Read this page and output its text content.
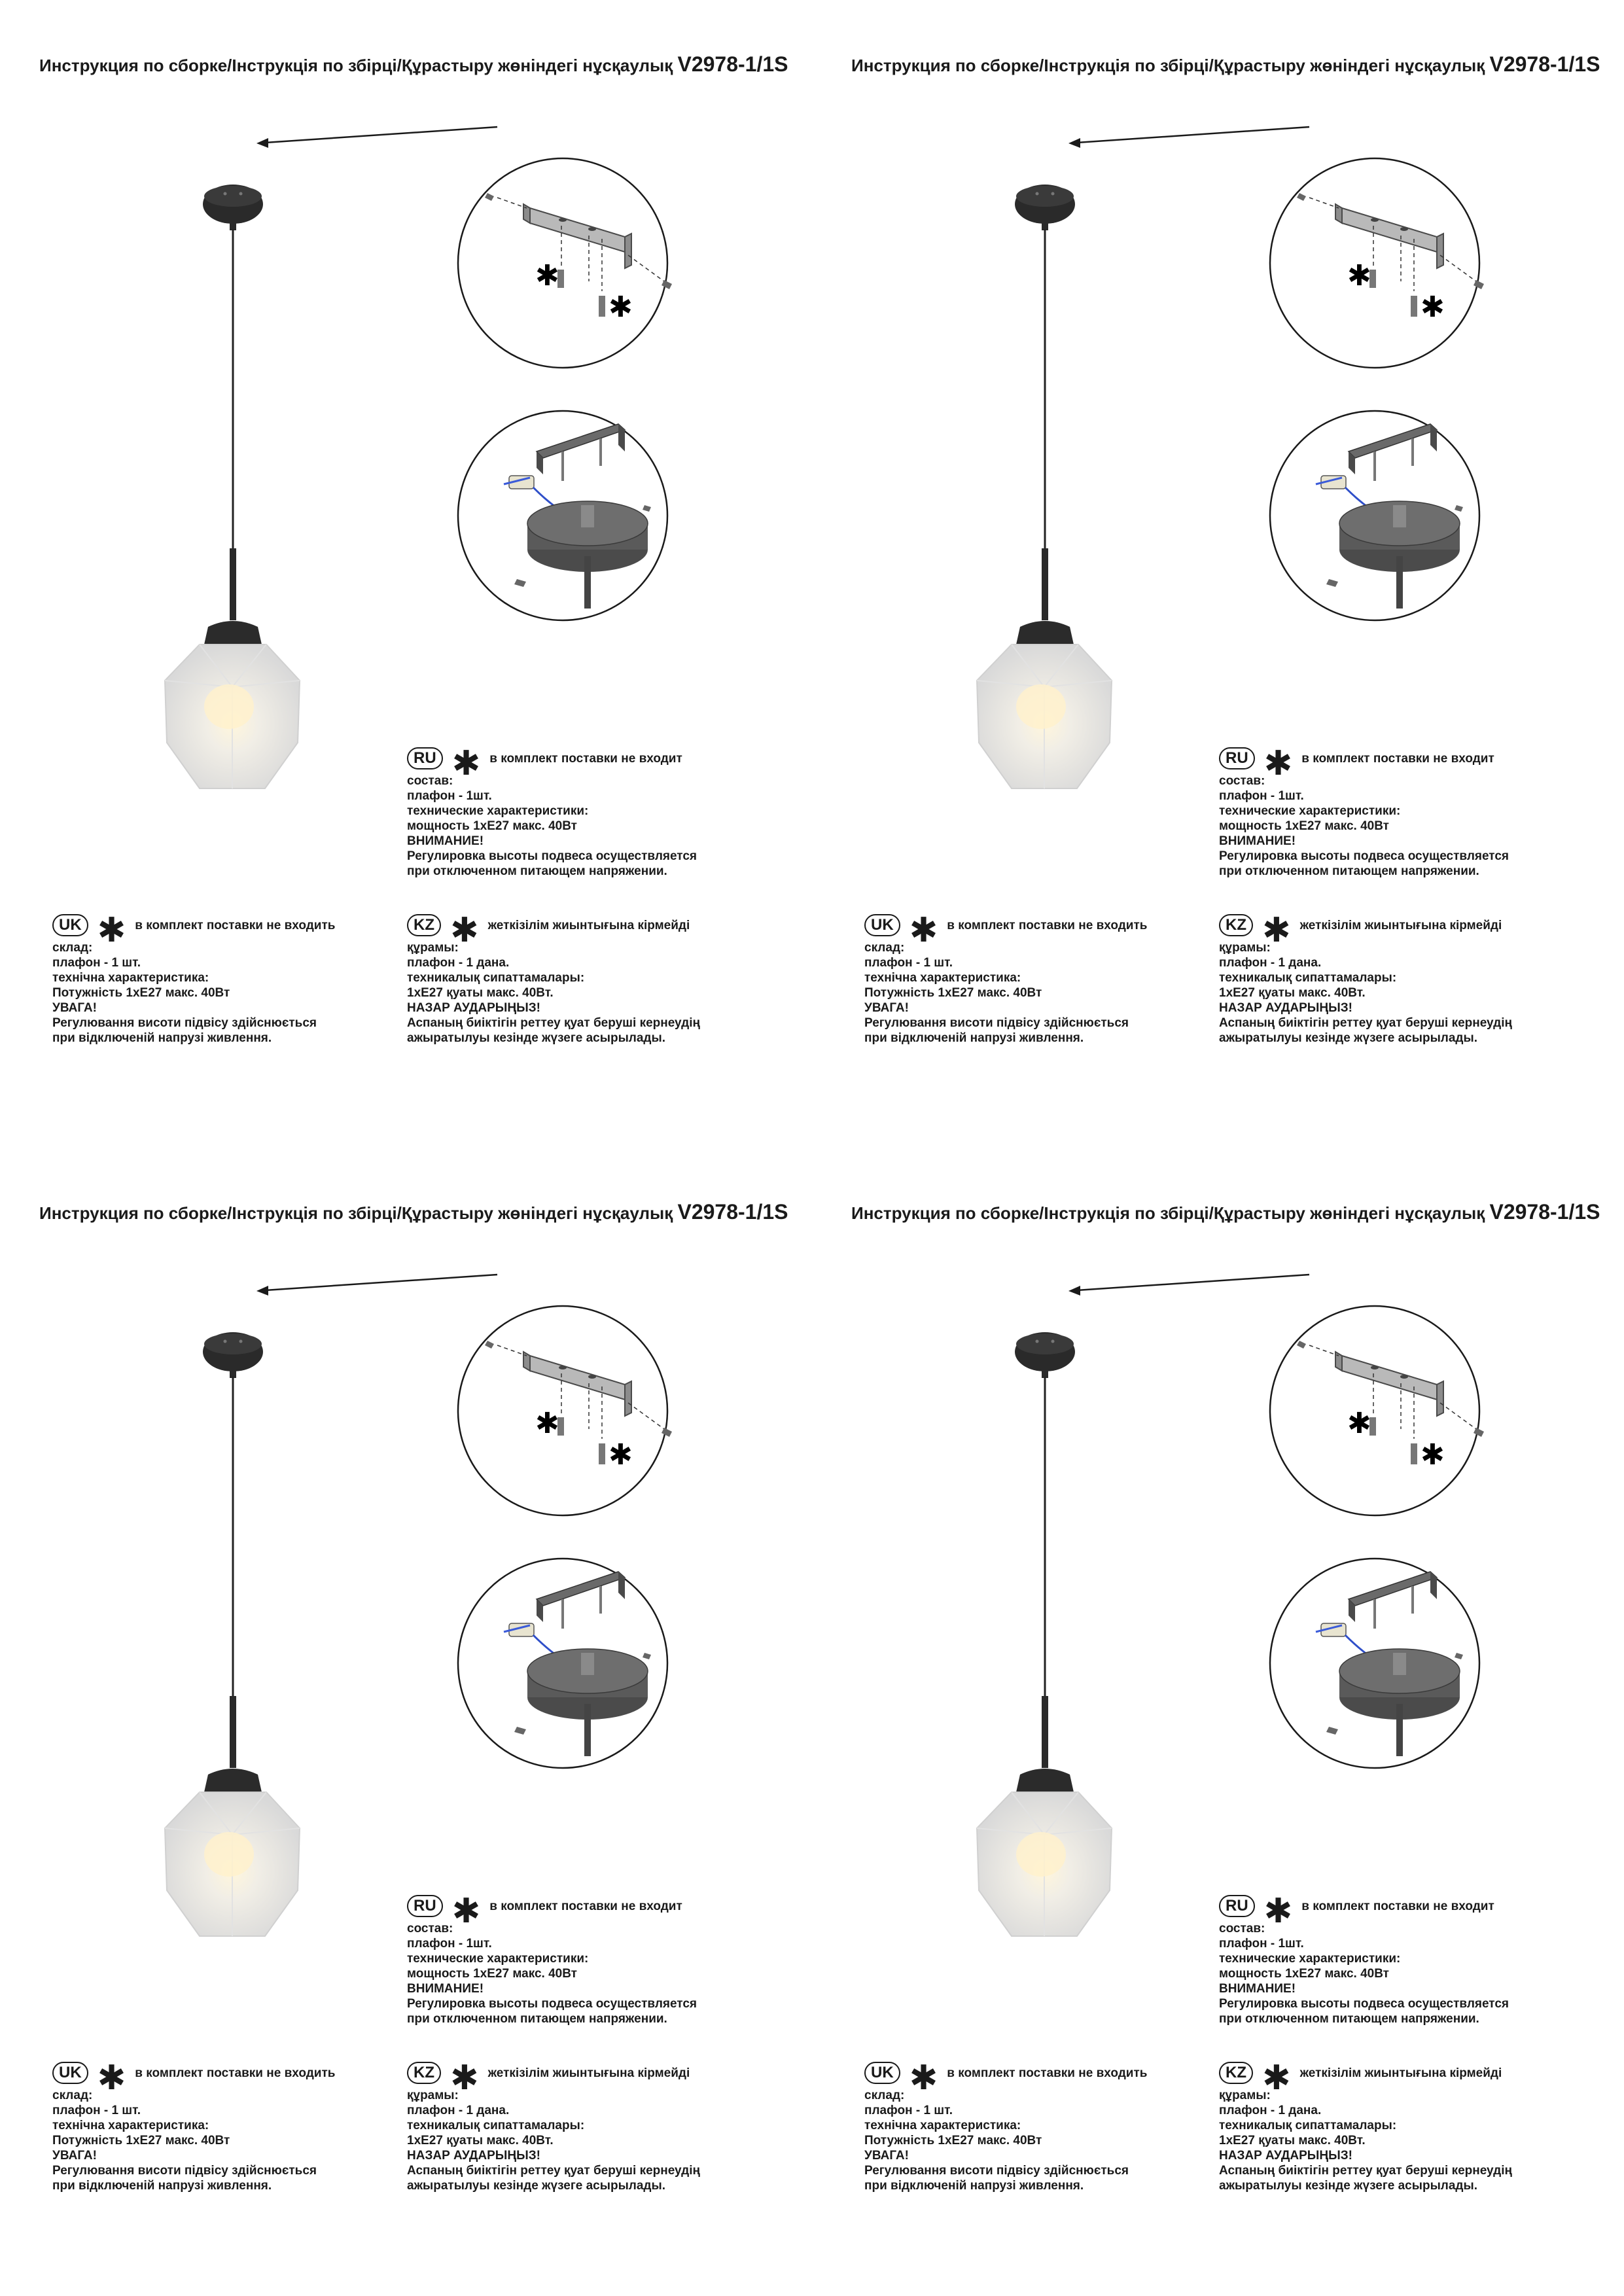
Инструкция по сборке/Інструкція по збірці/Құрастыру жөніндегі нұсқаулық V2978-1/1S
✱
✱
RU ✱ в комплект поставки не входит
состав:
плафон - 1шт.
технические характеристики:
мощность 1xE27 макс. 40Вт
ВНИМАНИЕ!
Регулировка высоты подвеса осуществляется
при отключенном питающем напряжении.
UK ✱ в комплект поставки не входить
склад:
плафон - 1 шт.
технічна характеристика:
Потужність 1xE27 макс. 40Вт
УВАГА!
Регулювання висоти підвісу здійснюється
при відключеній напрузі живлення.
KZ ✱ жеткізілім жиынтығына кірмейді
құрамы:
плафон - 1 дана.
техникалық сипаттамалары:
1xE27 қуаты макс. 40Вт.
НАЗАР АУДАРЫҢЫЗ!
Аспаның биіктігін реттеу қуат беруші кернеудің
ажыратылуы кезінде жүзеге асырылады.
Инструкция по сборке/Інструкція по збірці/Құрастыру жөніндегі нұсқаулық V2978-1/1S
✱
✱
RU ✱ в комплект поставки не входит
состав:
плафон - 1шт.
технические характеристики:
мощность 1xE27 макс. 40Вт
ВНИМАНИЕ!
Регулировка высоты подвеса осуществляется
при отключенном питающем напряжении.
UK ✱ в комплект поставки не входить
склад:
плафон - 1 шт.
технічна характеристика:
Потужність 1xE27 макс. 40Вт
УВАГА!
Регулювання висоти підвісу здійснюється
при відключеній напрузі живлення.
KZ ✱ жеткізілім жиынтығына кірмейді
құрамы:
плафон - 1 дана.
техникалық сипаттамалары:
1xE27 қуаты макс. 40Вт.
НАЗАР АУДАРЫҢЫЗ!
Аспаның биіктігін реттеу қуат беруші кернеудің
ажыратылуы кезінде жүзеге асырылады.
Инструкция по сборке/Інструкція по збірці/Құрастыру жөніндегі нұсқаулық V2978-1/1S
✱
✱
RU ✱ в комплект поставки не входит
состав:
плафон - 1шт.
технические характеристики:
мощность 1xE27 макс. 40Вт
ВНИМАНИЕ!
Регулировка высоты подвеса осуществляется
при отключенном питающем напряжении.
UK ✱ в комплект поставки не входить
склад:
плафон - 1 шт.
технічна характеристика:
Потужність 1xE27 макс. 40Вт
УВАГА!
Регулювання висоти підвісу здійснюється
при відключеній напрузі живлення.
KZ ✱ жеткізілім жиынтығына кірмейді
құрамы:
плафон - 1 дана.
техникалық сипаттамалары:
1xE27 қуаты макс. 40Вт.
НАЗАР АУДАРЫҢЫЗ!
Аспаның биіктігін реттеу қуат беруші кернеудің
ажыратылуы кезінде жүзеге асырылады.
Инструкция по сборке/Інструкція по збірці/Құрастыру жөніндегі нұсқаулық V2978-1/1S
✱
✱
RU ✱ в комплект поставки не входит
состав:
плафон - 1шт.
технические характеристики:
мощность 1xE27 макс. 40Вт
ВНИМАНИЕ!
Регулировка высоты подвеса осуществляется
при отключенном питающем напряжении.
UK ✱ в комплект поставки не входить
склад:
плафон - 1 шт.
технічна характеристика:
Потужність 1xE27 макс. 40Вт
УВАГА!
Регулювання висоти підвісу здійснюється
при відключеній напрузі живлення.
KZ ✱ жеткізілім жиынтығына кірмейді
құрамы:
плафон - 1 дана.
техникалық сипаттамалары:
1xE27 қуаты макс. 40Вт.
НАЗАР АУДАРЫҢЫЗ!
Аспаның биіктігін реттеу қуат беруші кернеудің
ажыратылуы кезінде жүзеге асырылады.
